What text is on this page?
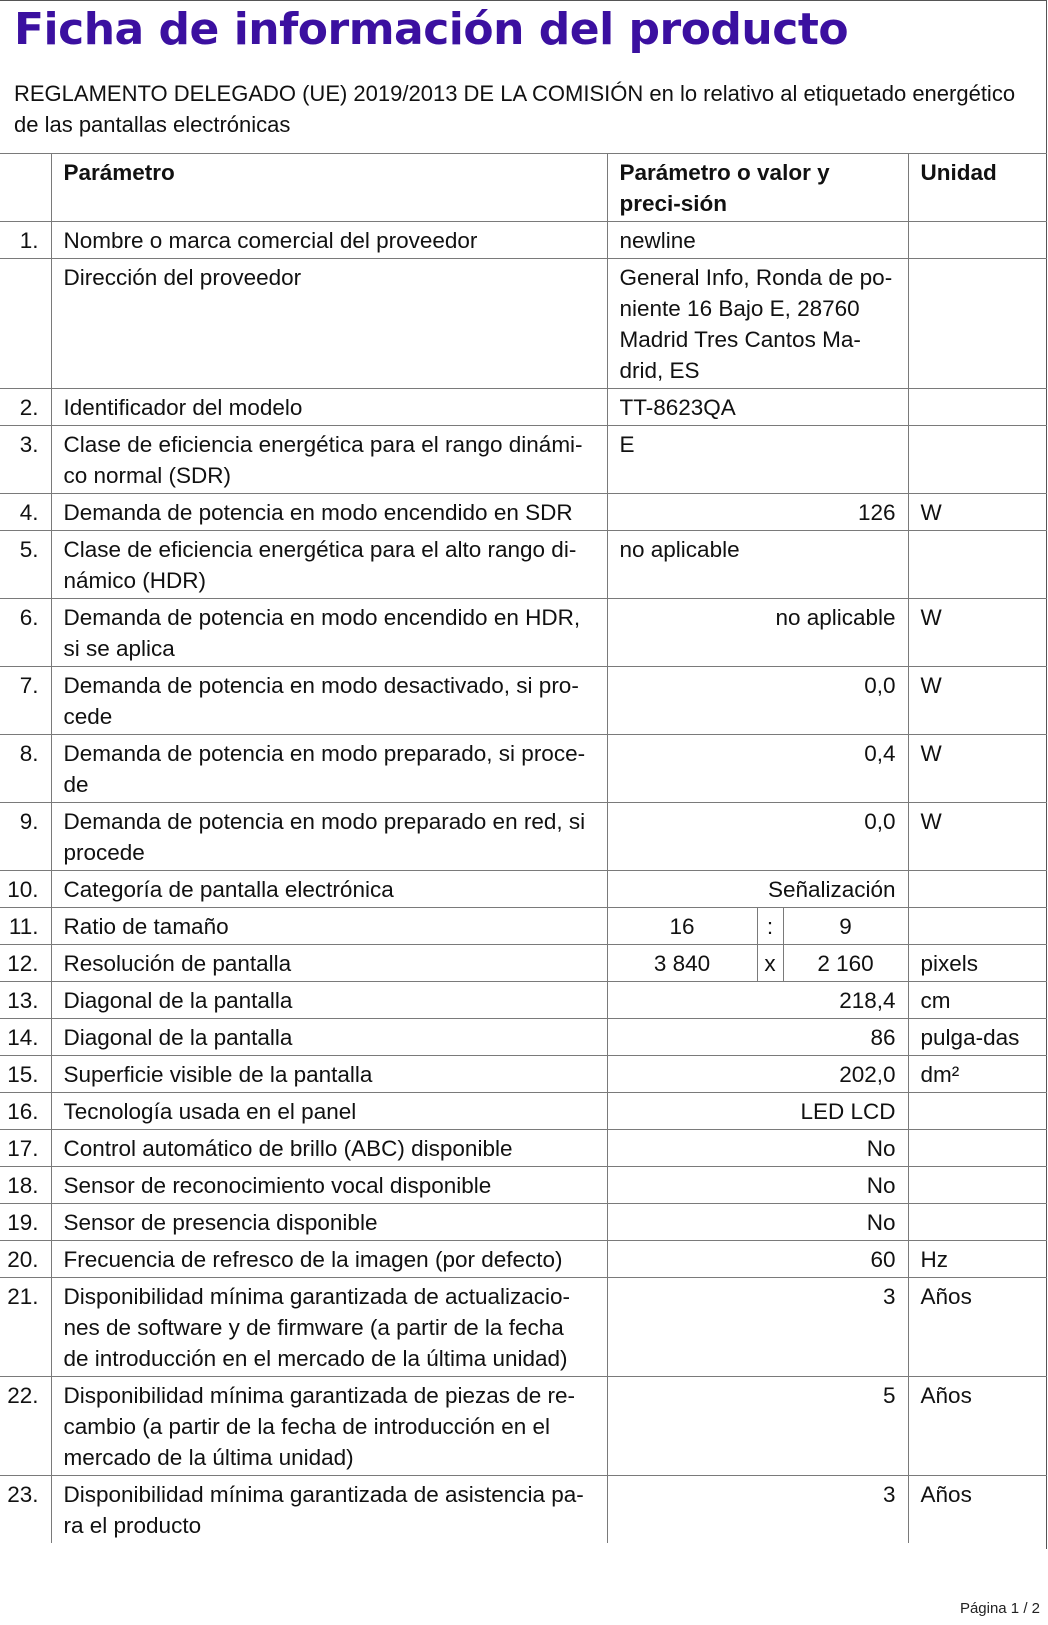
Ficha de información del producto

REGLAMENTO DELEGADO (UE) 2019/2013 DE LA COMISIÓN en lo relativo al etiquetado energético de las pantallas electrónicas

	Parámetro	Parámetro o valor y preci-sión			Unidad
1.	Nombre o marca comercial del proveedor	newline			
	Dirección del proveedor	General Info, Ronda de po-niente 16 Bajo E, 28760 Madrid Tres Cantos Ma-drid, ES			
2.	Identificador del modelo	TT-8623QA			
3.	Clase de eficiencia energética para el rango dinámi-co normal (SDR)	E			
4.	Demanda de potencia en modo encendido en SDR	126			W
5.	Clase de eficiencia energética para el alto rango di-námico (HDR)	no aplicable			
6.	Demanda de potencia en modo encendido en HDR, si se aplica	no aplicable			W
7.	Demanda de potencia en modo desactivado, si pro-cede	0,0			W
8.	Demanda de potencia en modo preparado, si proce-de	0,4			W
9.	Demanda de potencia en modo preparado en red, si procede	0,0			W
10.	Categoría de pantalla electrónica	Señalización			
11.	Ratio de tamaño	16	:	9	
12.	Resolución de pantalla	3 840	x	2 160	pixels
13.	Diagonal de la pantalla	218,4			cm
14.	Diagonal de la pantalla	86			pulga-das
15.	Superficie visible de la pantalla	202,0			dm²
16.	Tecnología usada en el panel	LED LCD			
17.	Control automático de brillo (ABC) disponible	No			
18.	Sensor de reconocimiento vocal disponible	No			
19.	Sensor de presencia disponible	No			
20.	Frecuencia de refresco de la imagen (por defecto)	60			Hz
21.	Disponibilidad mínima garantizada de actualizacio-nes de software y de firmware (a partir de la fecha de introducción en el mercado de la última unidad)	3			Años
22.	Disponibilidad mínima garantizada de piezas de re-cambio (a partir de la fecha de introducción en el mercado de la última unidad)	5			Años
23.	Disponibilidad mínima garantizada de asistencia pa-ra el producto	3			Años
Página 1 / 2
